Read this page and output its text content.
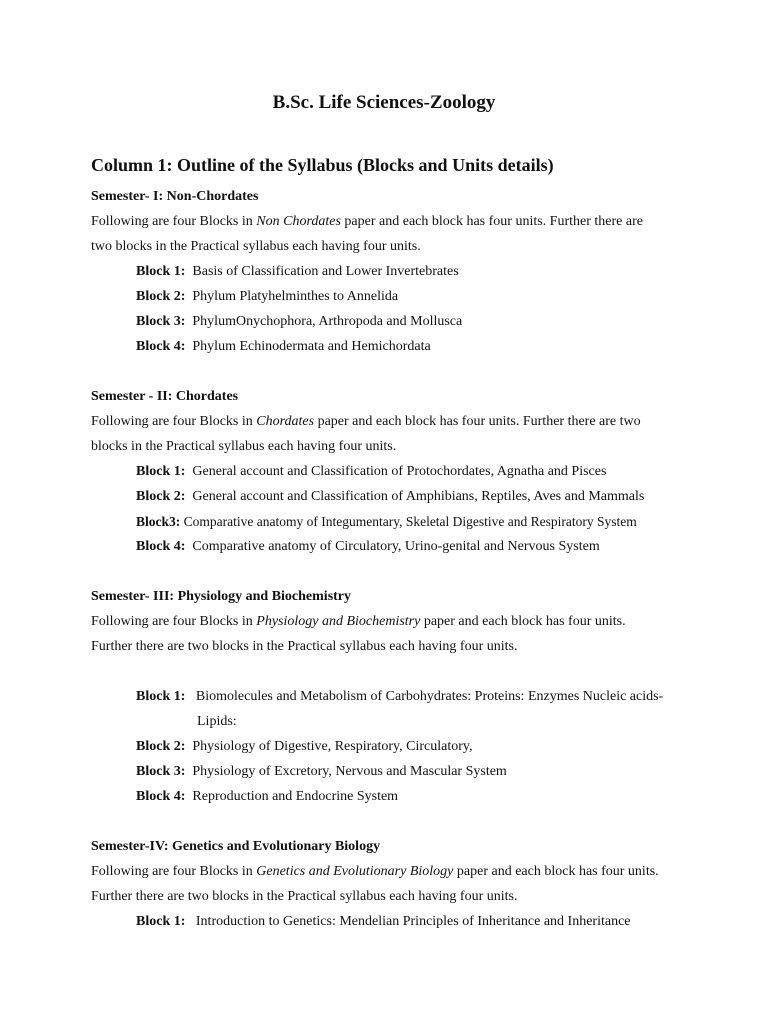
B.Sc. Life Sciences-Zoology
Column 1: Outline of the Syllabus (Blocks and Units details)
Semester- I: Non-Chordates
Following are four Blocks in Non Chordates paper and each block has four units. Further there are
two blocks in the Practical syllabus each having four units.
Block 1: Basis of Classification and Lower Invertebrates
Block 2: Phylum Platyhelminthes to Annelida
Block 3: PhylumOnychophora, Arthropoda and Mollusca
Block 4: Phylum Echinodermata and Hemichordata
Semester - II: Chordates
Following are four Blocks in Chordates paper and each block has four units. Further there are two
blocks in the Practical syllabus each having four units.
Block 1: General account and Classification of Protochordates, Agnatha and Pisces
Block 2: General account and Classification of Amphibians, Reptiles, Aves and Mammals
Block3: Comparative anatomy of Integumentary, Skeletal Digestive and Respiratory System
Block 4: Comparative anatomy of Circulatory, Urino-genital and Nervous System
Semester- III: Physiology and Biochemistry
Following are four Blocks in Physiology and Biochemistry paper and each block has four units.
Further there are two blocks in the Practical syllabus each having four units.
Block 1: Biomolecules and Metabolism of Carbohydrates: Proteins: Enzymes Nucleic acids-
Lipids:
Block 2: Physiology of Digestive, Respiratory, Circulatory,
Block 3: Physiology of Excretory, Nervous and Mascular System
Block 4: Reproduction and Endocrine System
Semester-IV: Genetics and Evolutionary Biology
Following are four Blocks in Genetics and Evolutionary Biology paper and each block has four units.
Further there are two blocks in the Practical syllabus each having four units.
Block 1: Introduction to Genetics: Mendelian Principles of Inheritance and Inheritance
